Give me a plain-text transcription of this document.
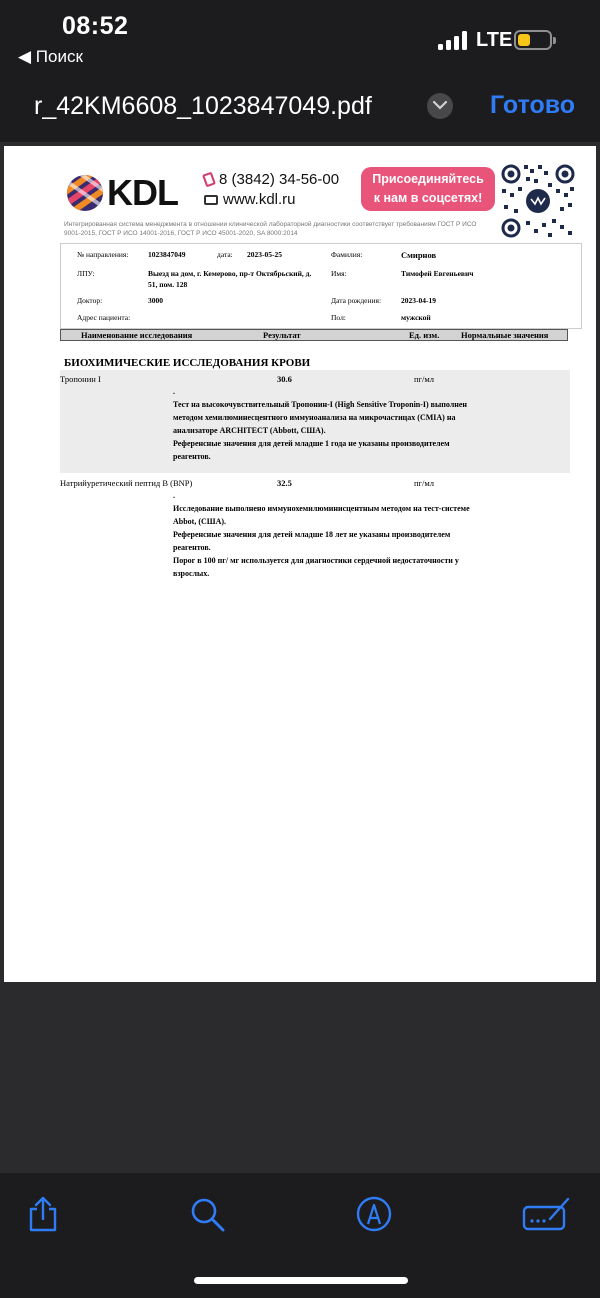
08:52
◀ Поиск
LTE
r_42KM6608_1023847049.pdf	Готово
KDL	8 (3842) 34-56-00
www.kdl.ru
Присоединяйтесь
к нам в соцсетях!
Интегрированная система менеджмента в отношении клинической лабораторной диагностики соответствует требованиям ГОСТ Р ИСО 9001-2015, ГОСТ Р ИСО 14001-2016, ГОСТ Р ИСО 45001-2020, SA 8000:2014
№ направления:	1023847049	дата: 2023-05-25	Фамилия:	Смирнов
ЛПУ:	Выезд на дом, г. Кемерово, пр-т Октябрьский, д.
51, пом. 128
Имя:	Тимофей Евгеньевич
Доктор:	3000	Дата рождения:	2023-04-19
Адрес пациента:	Пол:	мужской
Наименование исследования	Результат	Ед. изм.	Нормальные значения
БИОХИМИЧЕСКИЕ ИССЛЕДОВАНИЯ КРОВИ
Тропонин I	30.6	пг/мл
.
Тест на высокочувствительный Тропонин-I (High Sensitive Troponin-I) выполнен
методом хемилюминесцентного иммуноанализа на микрочастицах (CMIA) на
анализаторе ARCHITECT (Abbott, США).
Референсные значения для детей младше 1 года не указаны производителем
реагентов.
Натрийуретический пептид B (BNP)	32.5	пг/мл
.
Исследование выполнено иммунохемилюминисцентным методом на тест-системе
Abbot, (США).
Референсные значения для детей младше 18 лет не указаны производителем
реагентов.
Порог в 100 пг/ мг используется для диагностики сердечной недостаточности у
взрослых.
